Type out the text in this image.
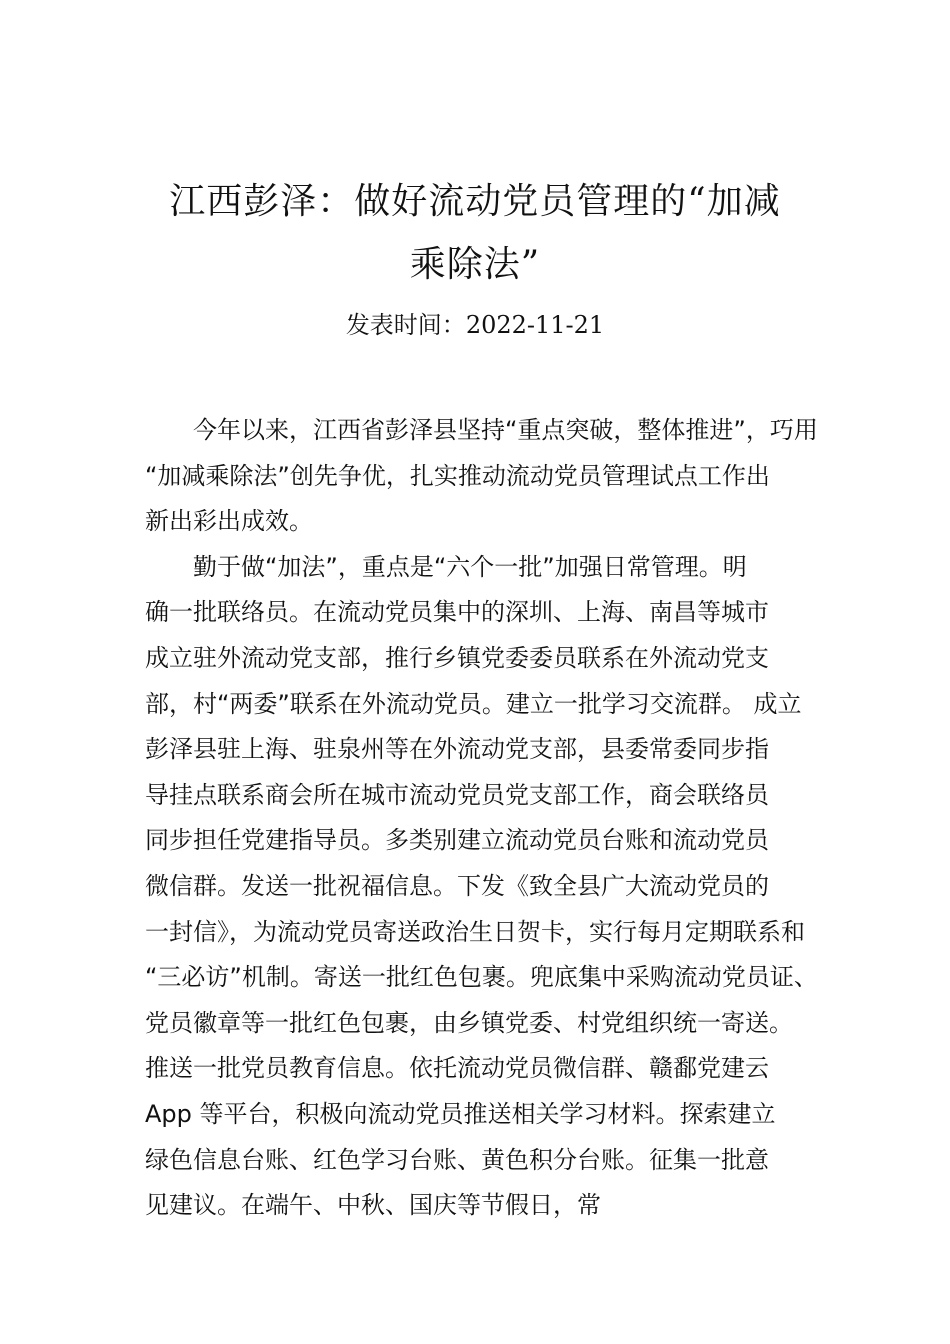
江西彭泽：做好流动党员管理的“加减
乘除法”
发表时间：2022-11-21
今年以来，江西省彭泽县坚持“重点突破，整体推进”，巧用
“加减乘除法”创先争优，扎实推动流动党员管理试点工作出
新出彩出成效。
勤于做“加法”，重点是“六个一批”加强日常管理。明
确一批联络员。在流动党员集中的深圳、上海、南昌等城市
成立驻外流动党支部，推行乡镇党委委员联系在外流动党支
部，村“两委”联系在外流动党员。建立一批学习交流群。 成立
彭泽县驻上海、驻泉州等在外流动党支部，县委常委同步指
导挂点联系商会所在城市流动党员党支部工作，商会联络员
同步担任党建指导员。多类别建立流动党员台账和流动党员
微信群。发送一批祝福信息。下发《致全县广大流动党员的
一封信》，为流动党员寄送政治生日贺卡，实行每月定期联系和
“三必访”机制。寄送一批红色包裹。兜底集中采购流动党员证、
党员徽章等一批红色包裹，由乡镇党委、村党组织统一寄送。
推送一批党员教育信息。依托流动党员微信群、赣鄱党建云
App 等平台，积极向流动党员推送相关学习材料。探索建立
绿色信息台账、红色学习台账、黄色积分台账。征集一批意
见建议。在端午、中秋、国庆等节假日，常
